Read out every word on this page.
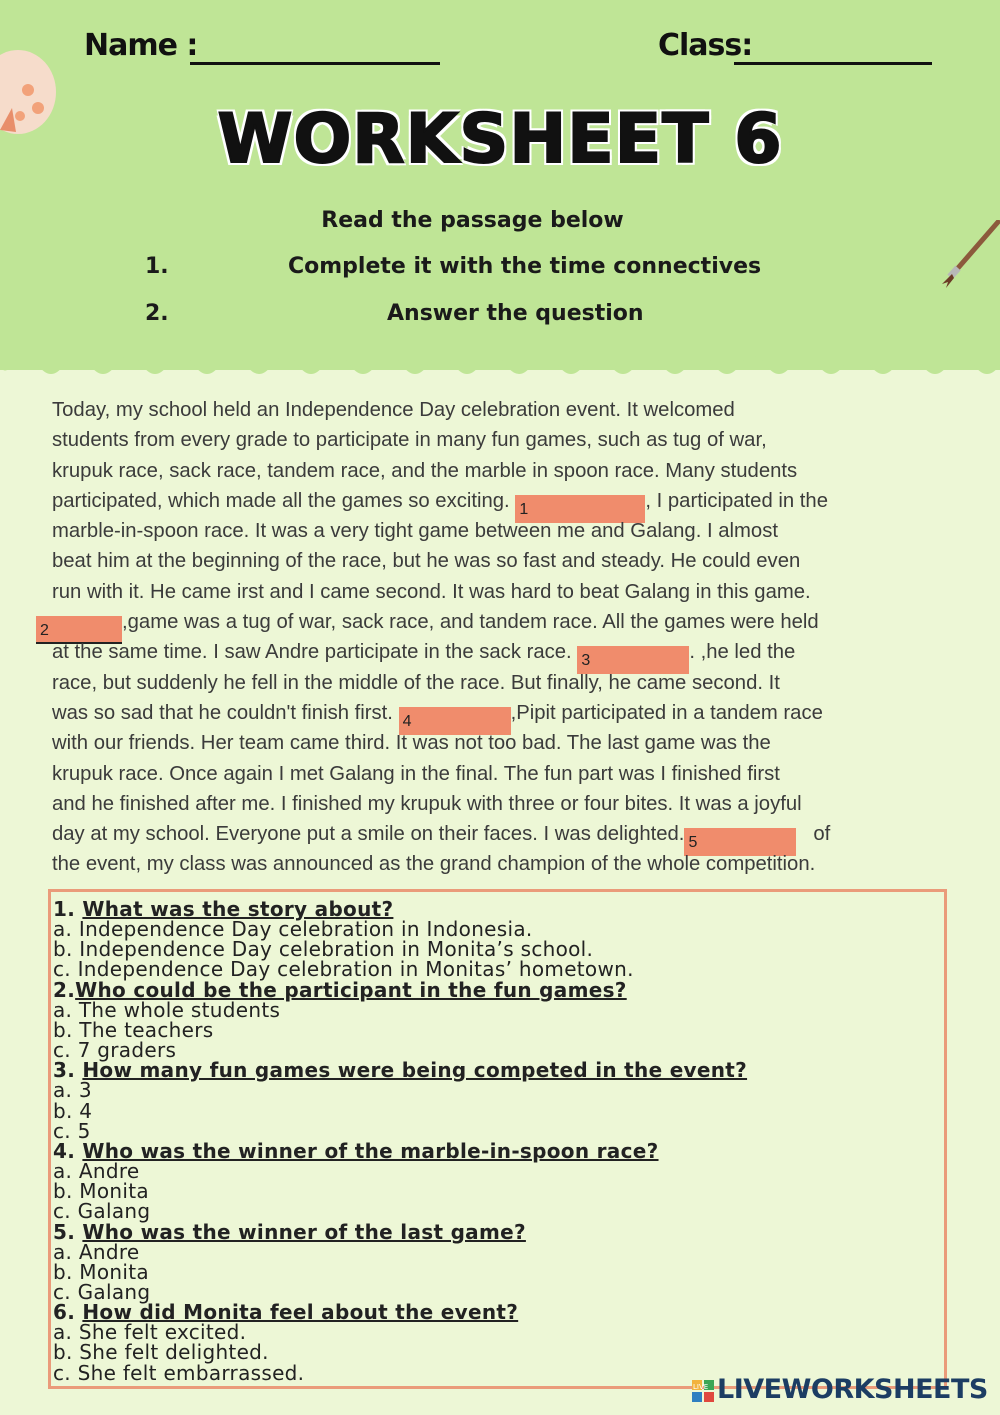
Name :	Class:
WORKSHEET 6
Read the passage below
1.	Complete it with the time connectives
2.	Answer the question
Today, my school held an Independence Day celebration event. It welcomed
students from every grade to participate in many fun games, such as tug of war,
krupuk race, sack race, tandem race, and the marble in spoon race. Many students
participated, which made all the games so exciting. 1	, I participated in the
marble-in-spoon race. It was a very tight game between me and Galang. I almost
beat him at the beginning of the race, but he was so fast and steady. He could even
run with it. He came irst and I came second. It was hard to beat Galang in this game.
2	,game was a tug of war, sack race, and tandem race. All the games were held
at the same time. I saw Andre participate in the sack race. 3	. ,he led the
race, but suddenly he fell in the middle of the race. But finally, he came second. It
was so sad that he couldn't finish first. 4	,Pipit participated in a tandem race
with our friends. Her team came third. It was not too bad. The last game was the
krupuk race. Once again I met Galang in the final. The fun part was I finished first
and he finished after me. I finished my krupuk with three or four bites. It was a joyful
day at my school. Everyone put a smile on their faces. I was delighted. 5	of
the event, my class was announced as the grand champion of the whole competition.
1. What was the story about?
a. Independence Day celebration in Indonesia.
b. Independence Day celebration in Monita’s school.
c. Independence Day celebration in Monitas’ hometown.
2.Who could be the participant in the fun games?
a. The whole students
b. The teachers
c. 7 graders
3. How many fun games were being competed in the event?
a. 3
b. 4
c. 5
4. Who was the winner of the marble-in-spoon race?
a. Andre
b. Monita
c. Galang
5. Who was the winner of the last game?
a. Andre
b. Monita
c. Galang
6. How did Monita feel about the event?
a. She felt excited.
b. She felt delighted.
c. She felt embarrassed.
LIVE LIVEWORKSHEETS
